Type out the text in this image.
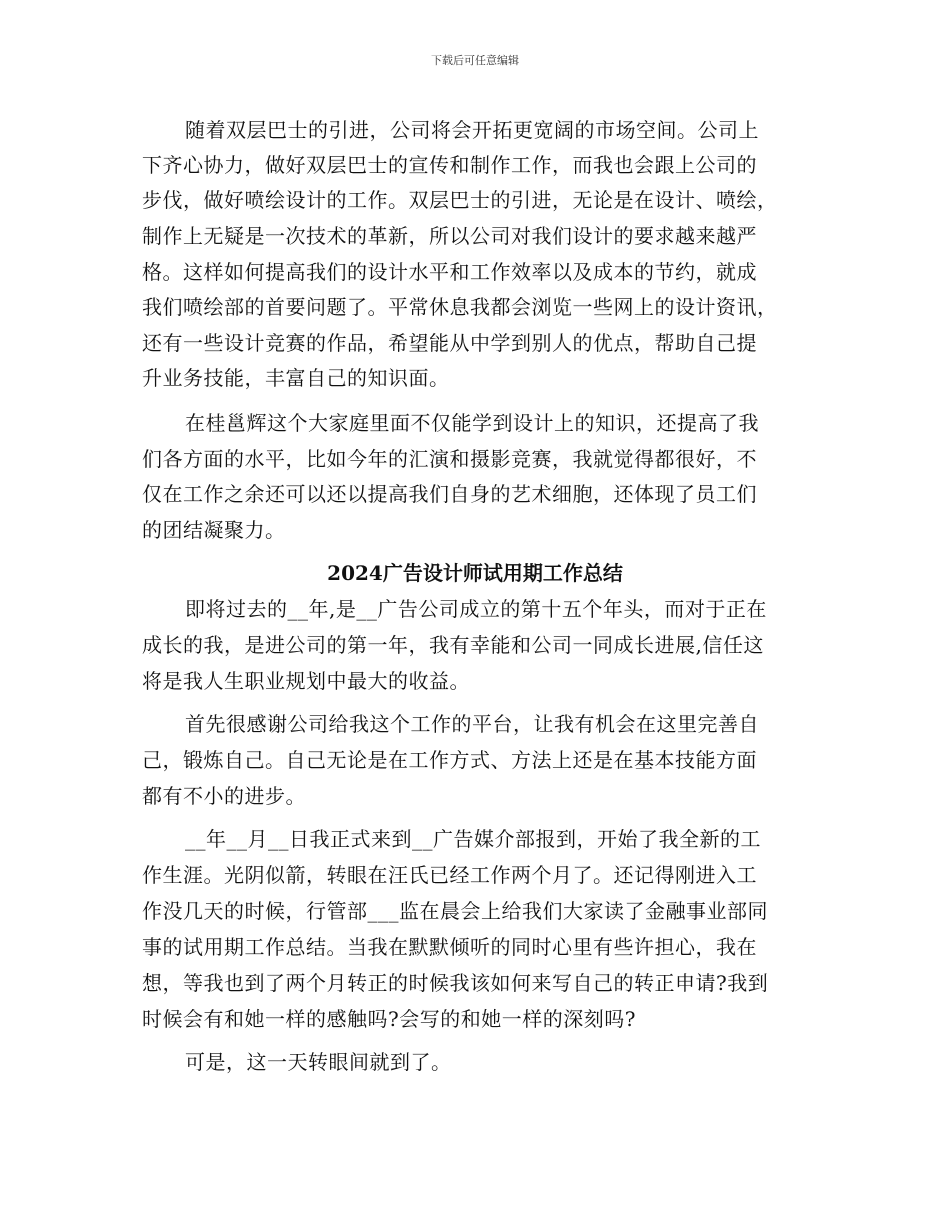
下载后可任意编辑
随着双层巴士的引进，公司将会开拓更宽阔的市场空间。公司上
下齐心协力，做好双层巴士的宣传和制作工作，而我也会跟上公司的
步伐，做好喷绘设计的工作。双层巴士的引进，无论是在设计、喷绘，
制作上无疑是一次技术的革新，所以公司对我们设计的要求越来越严
格。这样如何提高我们的设计水平和工作效率以及成本的节约，就成
我们喷绘部的首要问题了。平常休息我都会浏览一些网上的设计资讯，
还有一些设计竞赛的作品，希望能从中学到别人的优点，帮助自己提
升业务技能，丰富自己的知识面。
在桂邕辉这个大家庭里面不仅能学到设计上的知识，还提高了我
们各方面的水平，比如今年的汇演和摄影竞赛，我就觉得都很好，不
仅在工作之余还可以还以提高我们自身的艺术细胞，还体现了员工们
的团结凝聚力。
2024广告设计师试用期工作总结
即将过去的__年,是__广告公司成立的第十五个年头，而对于正在
成长的我，是进公司的第一年，我有幸能和公司一同成长进展,信任这
将是我人生职业规划中最大的收益。
首先很感谢公司给我这个工作的平台，让我有机会在这里完善自
己，锻炼自己。自己无论是在工作方式、方法上还是在基本技能方面
都有不小的进步。
__年__月__日我正式来到__广告媒介部报到，开始了我全新的工
作生涯。光阴似箭，转眼在汪氏已经工作两个月了。还记得刚进入工
作没几天的时候，行管部___监在晨会上给我们大家读了金融事业部同
事的试用期工作总结。当我在默默倾听的同时心里有些许担心，我在
想，等我也到了两个月转正的时候我该如何来写自己的转正申请?我到
时候会有和她一样的感触吗?会写的和她一样的深刻吗?
可是，这一天转眼间就到了。
